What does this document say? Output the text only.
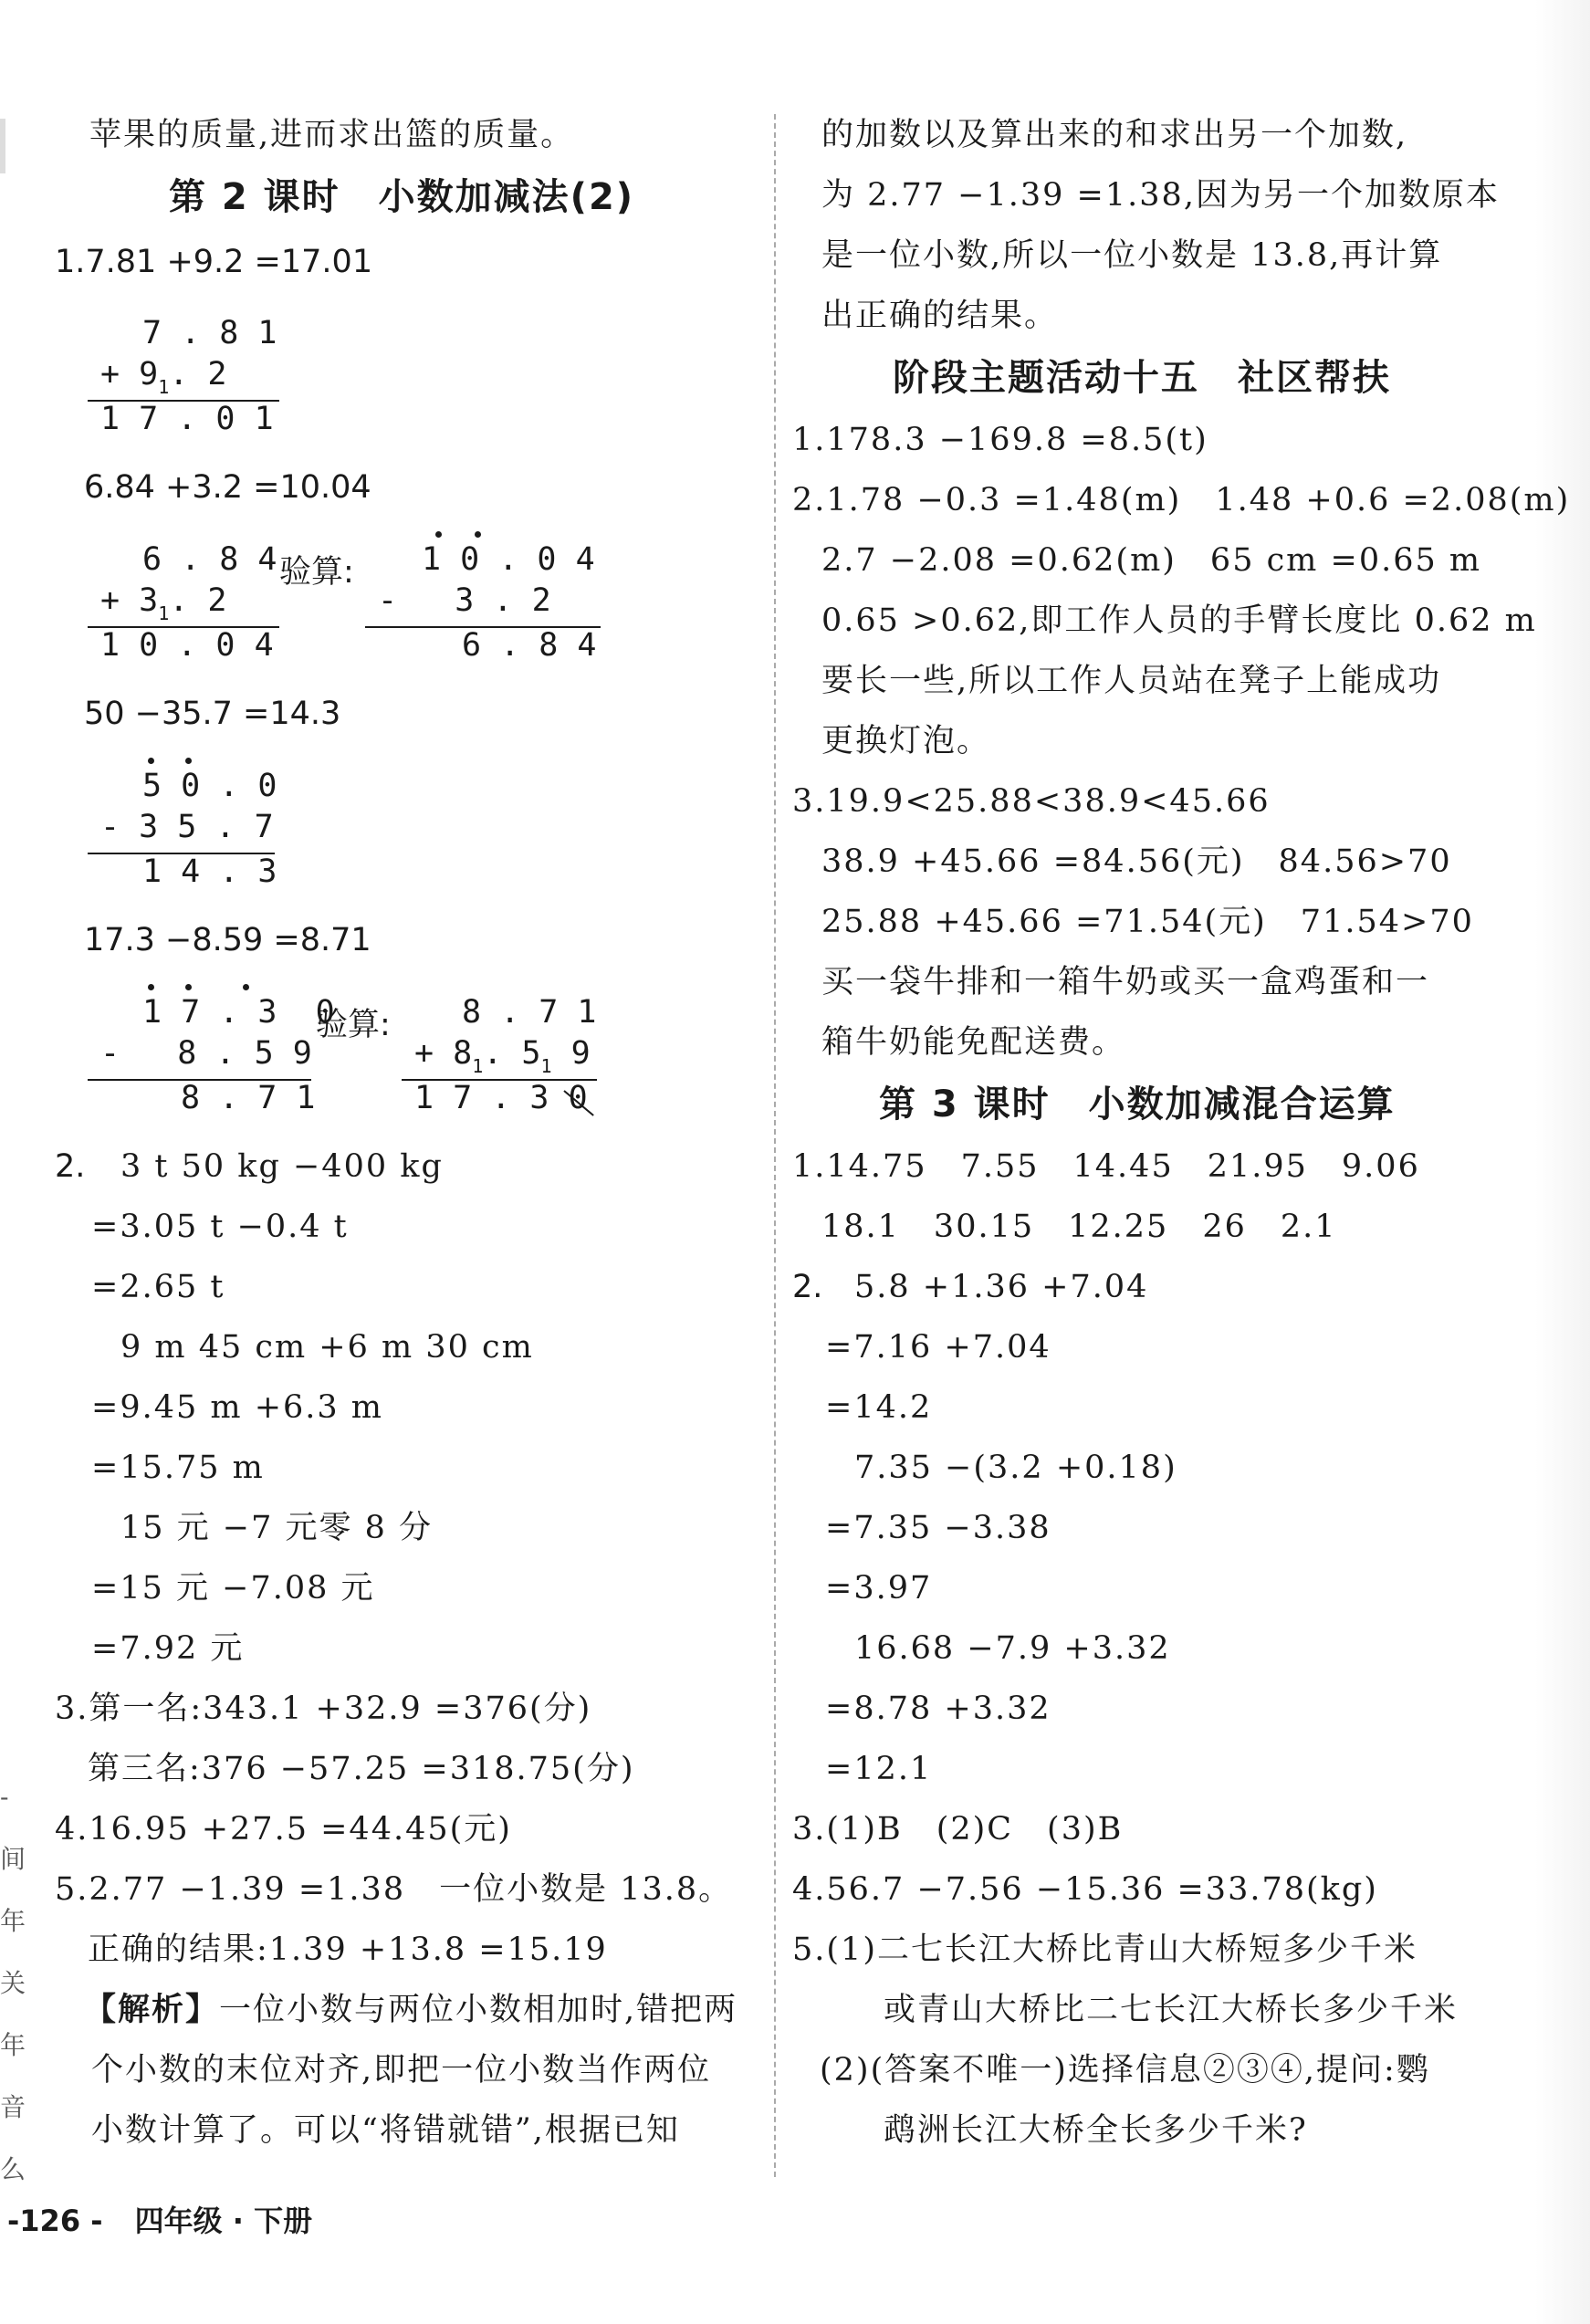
-
间
年
关
年
音
么
苹果的质量,进而求出篮的质量。
第 2 课时　小数加减法(2)
1.7.81 +9.2 =17.01
7 . 8 1
+ $9_1$. 2
1 7 . 0 1
6.84 +3.2 =10.04
6 . 8 4
+ $3_1$. 2
1 0 . 0 4
验算: 1 0 . 0 4
-   3 . 2
6 . 8 4
50 −35.7 =14.3
5 0 . 0
- 3 5 . 7
1 4 . 3
17.3 −8.59 =8.71
1 7 . 3  0
-   8 . 5 9
8 . 7 1
验算: 8 . 7 1
+ $8_1$. $5_1$ 9
1 7 . 3 0
2. 3 t 50 kg −400 kg
=3.05 t −0.4 t
=2.65 t
9 m 45 cm +6 m 30 cm
=9.45 m +6.3 m
=15.75 m
15 元 −7 元零 8 分
=15 元 −7.08 元
=7.92 元
3.第一名:343.1 +32.9 =376(分)
第三名:376 −57.25 =318.75(分)
4.16.95 +27.5 =44.45(元)
5.2.77 −1.39 =1.38　一位小数是 13.8。
正确的结果:1.39 +13.8 =15.19
【解析】一位小数与两位小数相加时,错把两
个小数的末位对齐,即把一位小数当作两位
小数计算了。可以“将错就错”,根据已知
的加数以及算出来的和求出另一个加数,
为 2.77 −1.39 =1.38,因为另一个加数原本
是一位小数,所以一位小数是 13.8,再计算
出正确的结果。
阶段主题活动十五　社区帮扶
1.178.3 −169.8 =8.5(t)
2.1.78 −0.3 =1.48(m)　1.48 +0.6 =2.08(m)
2.7 −2.08 =0.62(m)　65 cm =0.65 m
0.65 >0.62,即工作人员的手臂长度比 0.62 m
要长一些,所以工作人员站在凳子上能成功
更换灯泡。
3.19.9<25.88<38.9<45.66
38.9 +45.66 =84.56(元)　84.56>70
25.88 +45.66 =71.54(元)　71.54>70
买一袋牛排和一箱牛奶或买一盒鸡蛋和一
箱牛奶能免配送费。
第 3 课时　小数加减混合运算
1.14.75　7.55　14.45　21.95　9.06
18.1　30.15　12.25　26　2.1
2. 5.8 +1.36 +7.04
=7.16 +7.04
=14.2
7.35 −(3.2 +0.18)
=7.35 −3.38
=3.97
16.68 −7.9 +3.32
=8.78 +3.32
=12.1
3.(1)B　(2)C　(3)B
4.56.7 −7.56 −15.36 =33.78(kg)
5.(1)二七长江大桥比青山大桥短多少千米
或青山大桥比二七长江大桥长多少千米
(2)(答案不唯一)选择信息②③④,提问:鹦
鹉洲长江大桥全长多少千米?
-126 - 四年级 · 下册
